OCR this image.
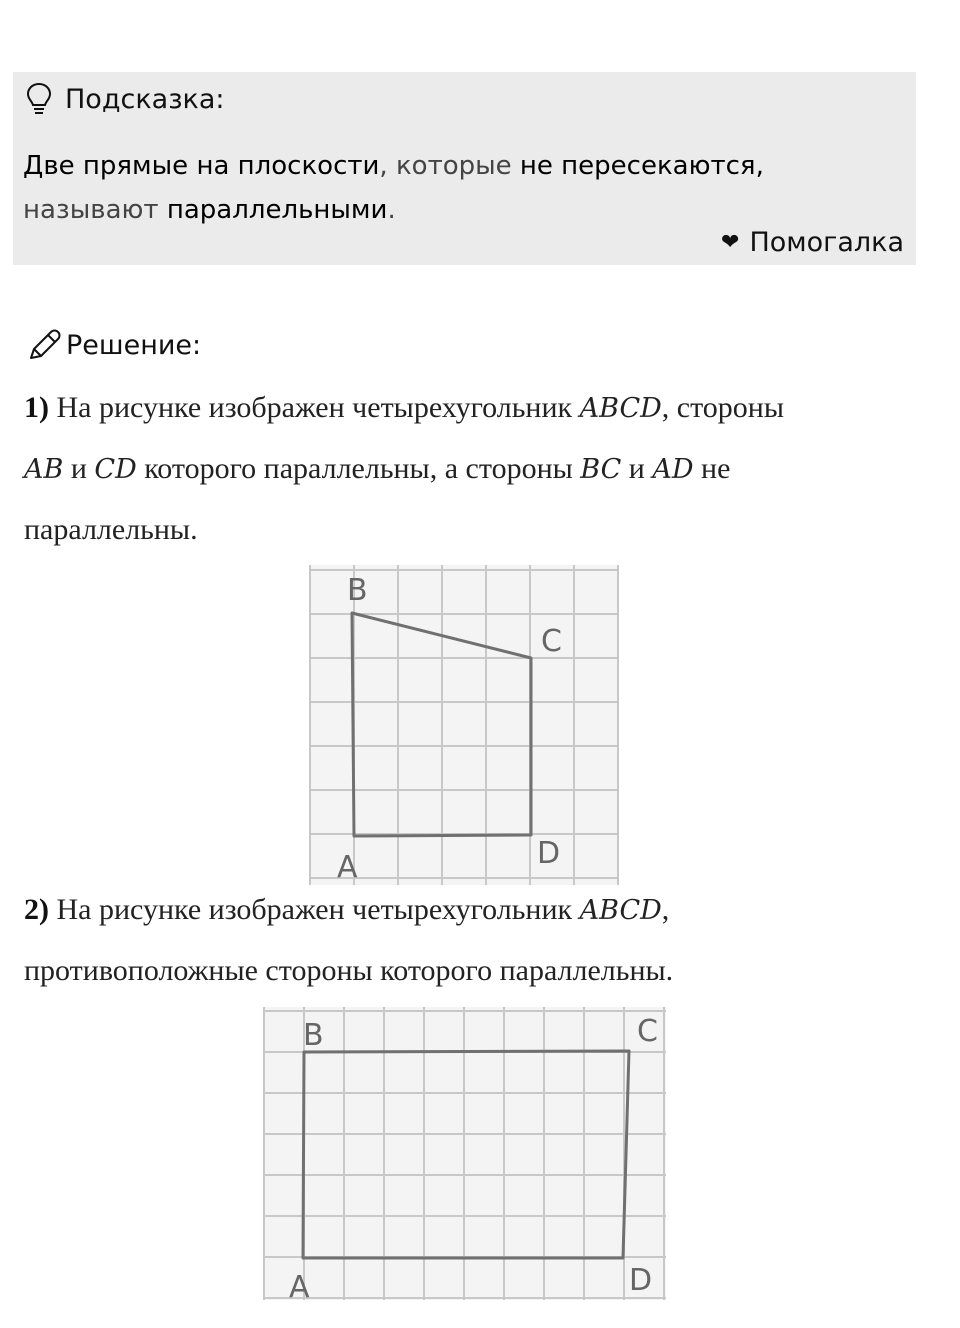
Подсказка:
Две прямые на плоскости, которые не пересекаются,
называют параллельными.
❤ Помогалка
Решение:
1) На рисунке изображен четырехугольник ABCD, стороны
AB и CD которого параллельны, а стороны BC и AD не
параллельны.
B
C
A	D
2) На рисунке изображен четырехугольник ABCD,
противоположные стороны которого параллельны.
B	C
A	D
